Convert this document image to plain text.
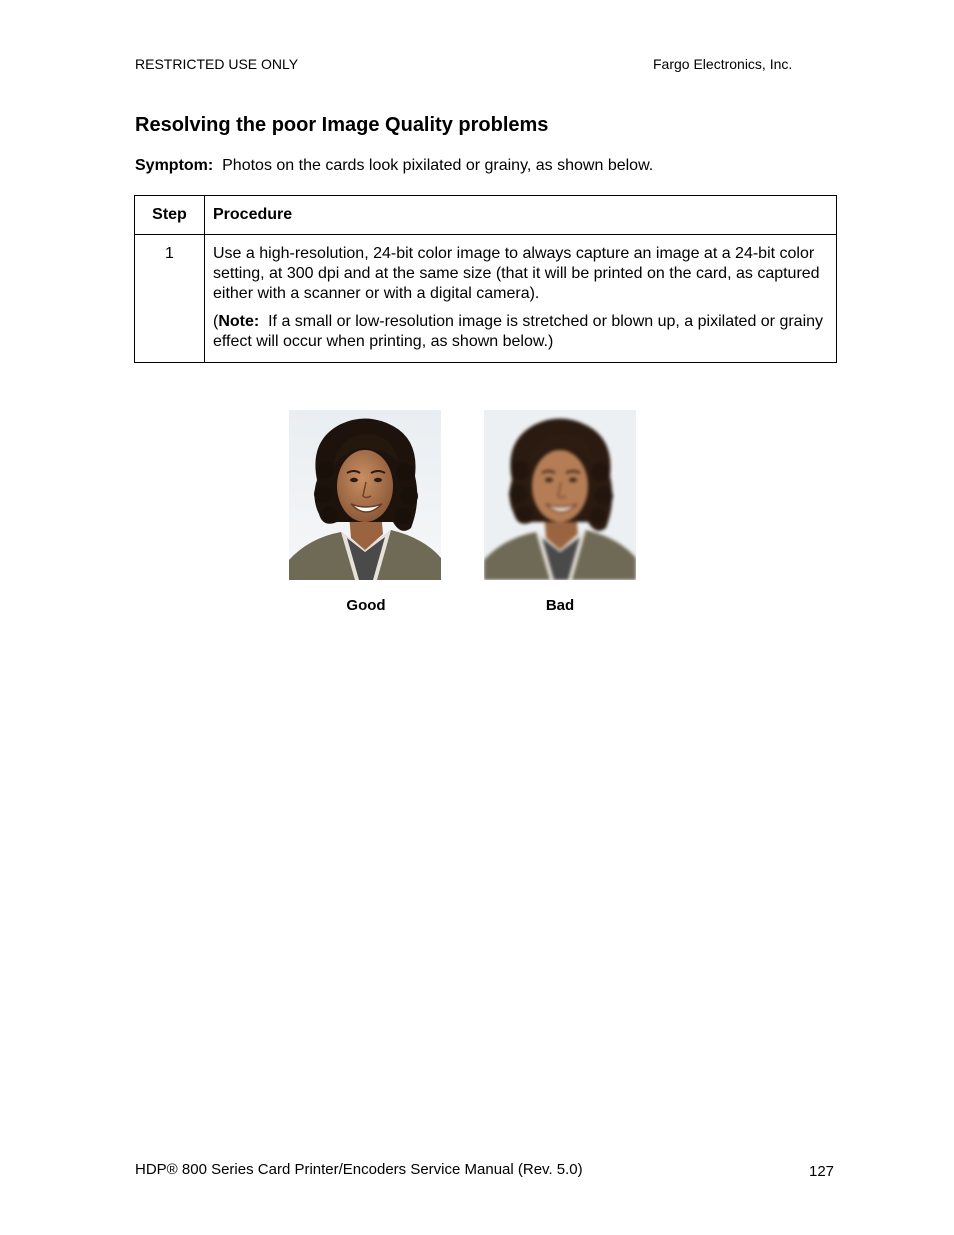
RESTRICTED USE ONLY	Fargo Electronics, Inc.
Resolving the poor Image Quality problems
Symptom: Photos on the cards look pixilated or grainy, as shown below.
Step	Procedure
1	Use a high-resolution, 24-bit color image to always capture an image at a 24-bit color setting, at 300 dpi and at the same size (that it will be printed on the card, as captured either with a scanner or with a digital camera).

(Note: If a small or low-resolution image is stretched or blown up, a pixilated or grainy effect will occur when printing, as shown below.)

Good	Bad
HDP® 800 Series Card Printer/Encoders Service Manual (Rev. 5.0)	127
